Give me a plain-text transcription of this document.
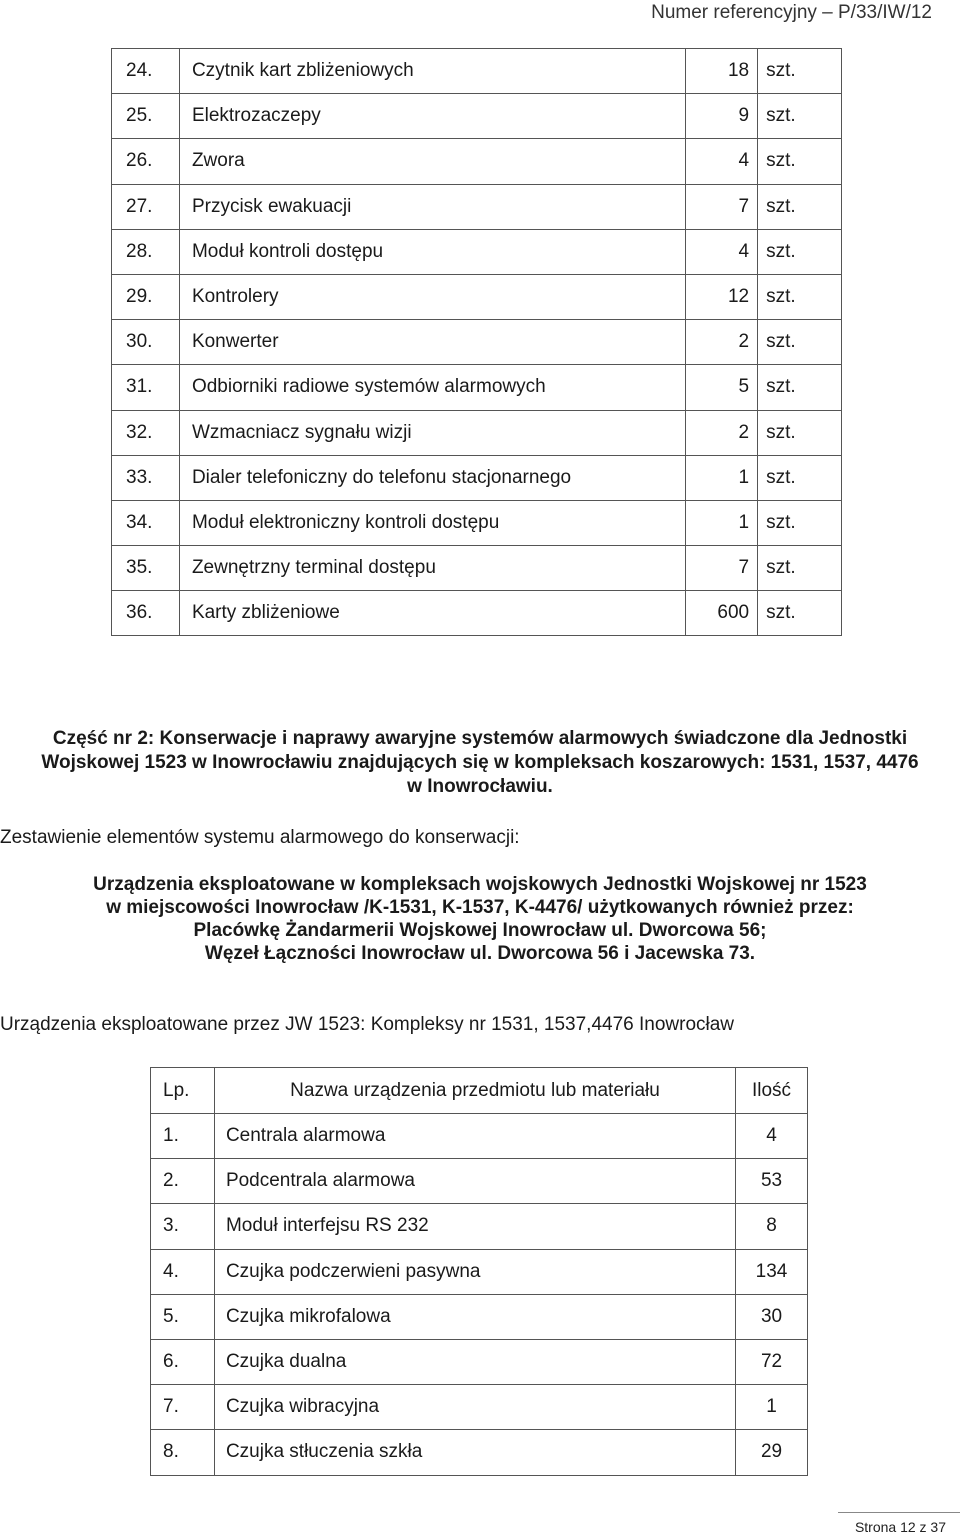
Numer referencyjny – P/33/IW/12
24.	Czytnik kart zbliżeniowych	18	szt.
25.	Elektrozaczepy	9	szt.
26.	Zwora	4	szt.
27.	Przycisk ewakuacji	7	szt.
28.	Moduł kontroli dostępu	4	szt.
29.	Kontrolery	12	szt.
30.	Konwerter	2	szt.
31.	Odbiorniki radiowe systemów alarmowych	5	szt.
32.	Wzmacniacz sygnału wizji	2	szt.
33.	Dialer telefoniczny do telefonu stacjonarnego	1	szt.
34.	Moduł elektroniczny kontroli dostępu	1	szt.
35.	Zewnętrzny terminal dostępu	7	szt.
36.	Karty zbliżeniowe	600	szt.
Część nr 2: Konserwacje i naprawy awaryjne systemów alarmowych świadczone dla Jednostki
Wojskowej 1523 w Inowrocławiu znajdujących się w kompleksach koszarowych: 1531, 1537, 4476
w Inowrocławiu.
Zestawienie elementów systemu alarmowego do konserwacji:
Urządzenia eksploatowane w kompleksach wojskowych Jednostki Wojskowej nr 1523
w miejscowości Inowrocław /K-1531, K-1537, K-4476/ użytkowanych również przez:
Placówkę Żandarmerii Wojskowej Inowrocław ul. Dworcowa 56;
Węzeł Łączności Inowrocław ul. Dworcowa 56 i Jacewska 73.
Urządzenia eksploatowane przez JW 1523: Kompleksy nr 1531, 1537,4476 Inowrocław
Lp.	Nazwa urządzenia przedmiotu lub materiału	Ilość
1.	Centrala alarmowa	4
2.	Podcentrala alarmowa	53
3.	Moduł interfejsu RS 232	8
4.	Czujka podczerwieni pasywna	134
5.	Czujka mikrofalowa	30
6.	Czujka dualna	72
7.	Czujka wibracyjna	1
8.	Czujka stłuczenia szkła	29
Strona 12 z 37
